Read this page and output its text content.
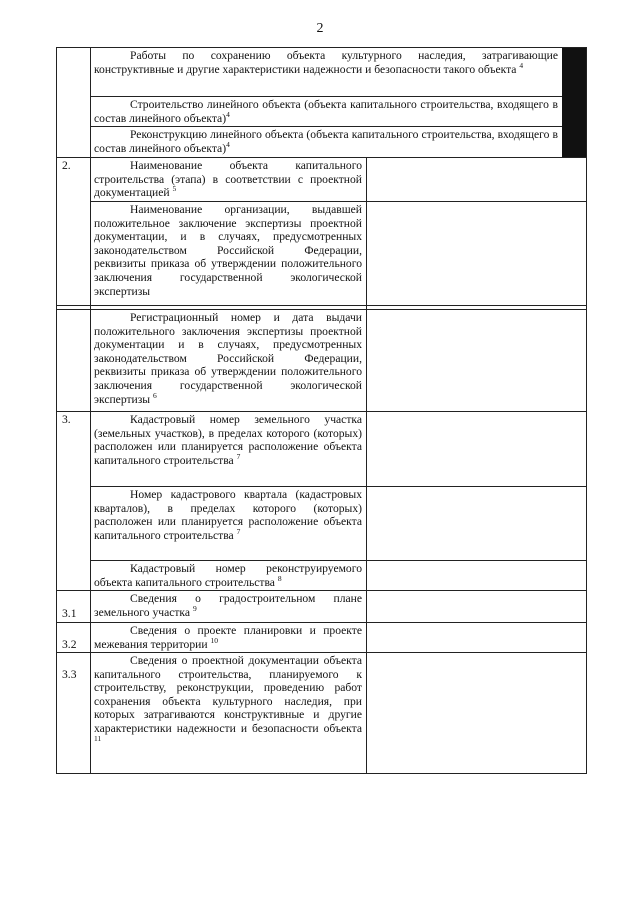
2
Работы по сохранению объекта культурного наследия, затрагивающие конструктивные и другие характеристики надежности и безопасности такого объекта $^4$
Строительство линейного объекта (объекта капитального строительства, входящего в состав линейного объекта)$^4$
Реконструкцию линейного объекта (объекта капитального строительства, входящего в состав линейного объекта)$^4$
2.	Наименование объекта капитального строительства (этапа) в соответствии с проектной документацией $^5$
Наименование организации, выдавшей положительное заключение экспертизы проектной документации, и в случаях, предусмотренных законодательством Российской Федерации, реквизиты приказа об утверждении положительного заключения государственной экологической экспертизы
Регистрационный номер и дата выдачи положительного заключения экспертизы проектной документации и в случаях, предусмотренных законодательством Российской Федерации, реквизиты приказа об утверждении положительного заключения государственной экологической экспертизы $^6$
3.	Кадастровый номер земельного участка (земельных участков), в пределах которого (которых) расположен или планируется расположение объекта капитального строительства $^7$
Номер кадастрового квартала (кадастровых кварталов), в пределах которого (которых) расположен или планируется расположение объекта капитального строительства $^7$
Кадастровый номер реконструируемого объекта капитального строительства $^8$
3.1
Сведения о градостроительном плане земельного участка $^9$
3.2
Сведения о проекте планировки и проекте межевания территории $^{10}$
3.3
Сведения о проектной документации объекта капитального строительства, планируемого к строительству, реконструкции, проведению работ сохранения объекта культурного наследия, при которых затрагиваются конструктивные и другие характеристики надежности и безопасности объекта $^{11}$
